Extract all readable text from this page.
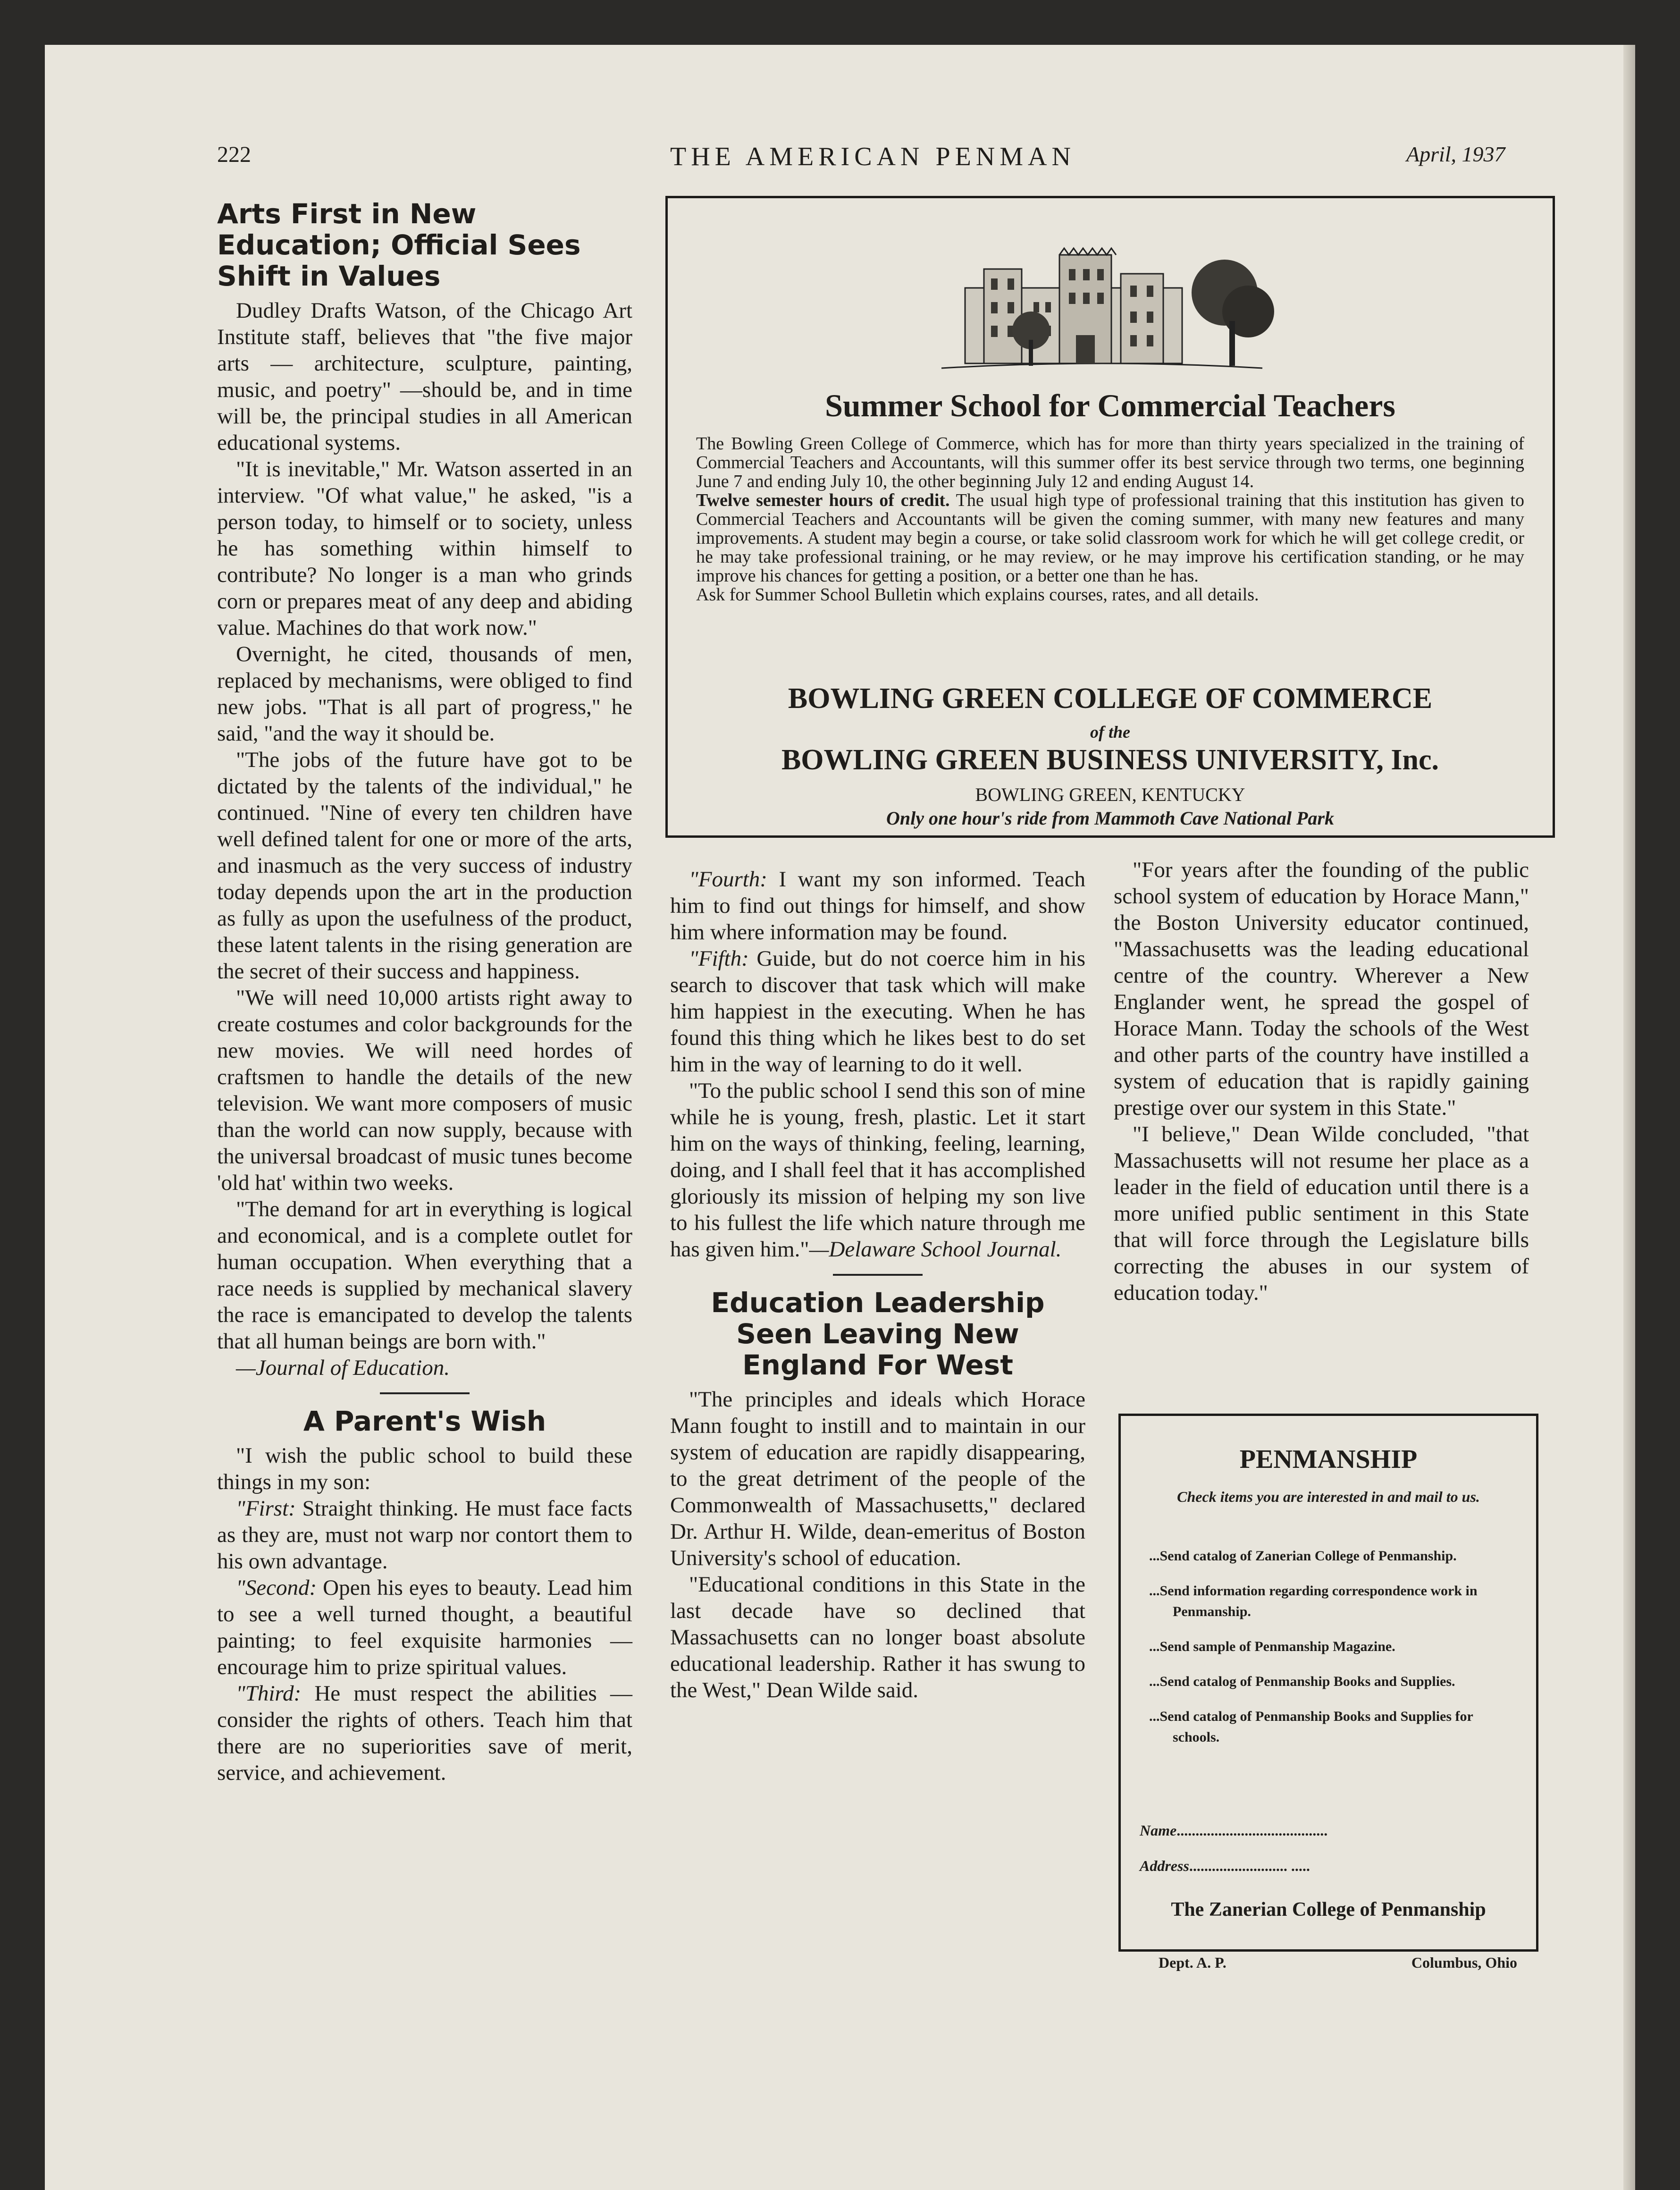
222	THE AMERICAN PENMAN	April, 1937
Arts First in New Education; Official Sees Shift in Values

Dudley Drafts Watson, of the Chicago Art Institute staff, believes that "the five major arts — architecture, sculpture, painting, music, and poetry" —should be, and in time will be, the principal studies in all American educational systems.

"It is inevitable," Mr. Watson asserted in an interview. "Of what value," he asked, "is a person today, to himself or to society, unless he has something within himself to contribute? No longer is a man who grinds corn or prepares meat of any deep and abiding value. Machines do that work now."

Overnight, he cited, thousands of men, replaced by mechanisms, were obliged to find new jobs. "That is all part of progress," he said, "and the way it should be.

"The jobs of the future have got to be dictated by the talents of the individual," he continued. "Nine of every ten children have well defined talent for one or more of the arts, and inasmuch as the very success of industry today depends upon the art in the production as fully as upon the usefulness of the product, these latent talents in the rising generation are the secret of their success and happiness.

"We will need 10,000 artists right away to create costumes and color backgrounds for the new movies. We will need hordes of craftsmen to handle the details of the new television. We want more composers of music than the world can now supply, because with the universal broadcast of music tunes become 'old hat' within two weeks.

"The demand for art in everything is logical and economical, and is a complete outlet for human occupation. When everything that a race needs is supplied by mechanical slavery the race is emancipated to develop the talents that all human beings are born with."

—Journal of Education.

A Parent's Wish

"I wish the public school to build these things in my son:

"First: Straight thinking. He must face facts as they are, must not warp nor contort them to his own advantage.

"Second: Open his eyes to beauty. Lead him to see a well turned thought, a beautiful painting; to feel exquisite harmonies — encourage him to prize spiritual values.

"Third: He must respect the abilities — consider the rights of others. Teach him that there are no superiorities save of merit, service, and achievement.

Summer School for Commercial Teachers

The Bowling Green College of Commerce, which has for more than thirty years specialized in the training of Commercial Teachers and Accountants, will this summer offer its best service through two terms, one beginning June 7 and ending July 10, the other beginning July 12 and ending August 14.

Twelve semester hours of credit. The usual high type of professional training that this institution has given to Commercial Teachers and Accountants will be given the coming summer, with many new features and many improvements. A student may begin a course, or take solid classroom work for which he will get college credit, or he may take professional training, or he may review, or he may improve his certification standing, or he may improve his chances for getting a position, or a better one than he has.

Ask for Summer School Bulletin which explains courses, rates, and all details.

BOWLING GREEN COLLEGE OF COMMERCE
of the
BOWLING GREEN BUSINESS UNIVERSITY, Inc.
BOWLING GREEN, KENTUCKY
Only one hour's ride from Mammoth Cave National Park

"Fourth: I want my son informed. Teach him to find out things for himself, and show him where information may be found.

"Fifth: Guide, but do not coerce him in his search to discover that task which will make him happiest in the executing. When he has found this thing which he likes best to do set him in the way of learning to do it well.

"To the public school I send this son of mine while he is young, fresh, plastic. Let it start him on the ways of thinking, feeling, learning, doing, and I shall feel that it has accomplished gloriously its mission of helping my son live to his fullest the life which nature through me has given him."—Delaware School Journal.

Education Leadership Seen Leaving New England For West

"The principles and ideals which Horace Mann fought to instill and to maintain in our system of education are rapidly disappearing, to the great detriment of the people of the Commonwealth of Massachusetts," declared Dr. Arthur H. Wilde, dean-emeritus of Boston University's school of education.

"Educational conditions in this State in the last decade have so declined that Massachusetts can no longer boast absolute educational leadership. Rather it has swung to the West," Dean Wilde said.

"For years after the founding of the public school system of education by Horace Mann," the Boston University educator continued, "Massachusetts was the leading educational centre of the country. Wherever a New Englander went, he spread the gospel of Horace Mann. Today the schools of the West and other parts of the country have instilled a system of education that is rapidly gaining prestige over our system in this State."

"I believe," Dean Wilde concluded, "that Massachusetts will not resume her place as a leader in the field of education until there is a more unified public sentiment in this State that will force through the Legislature bills correcting the abuses in our system of education today."

PENMANSHIP
Check items you are interested in and mail to us.
...Send catalog of Zanerian College of Penmanship.
...Send information regarding correspondence work in Penmanship.
...Send sample of Penmanship Magazine.
...Send catalog of Penmanship Books and Supplies.
...Send catalog of Penmanship Books and Supplies for schools.
Name........................................
Address.......................... .....
The Zanerian College of Penmanship
Dept. A. P.	Columbus, Ohio
